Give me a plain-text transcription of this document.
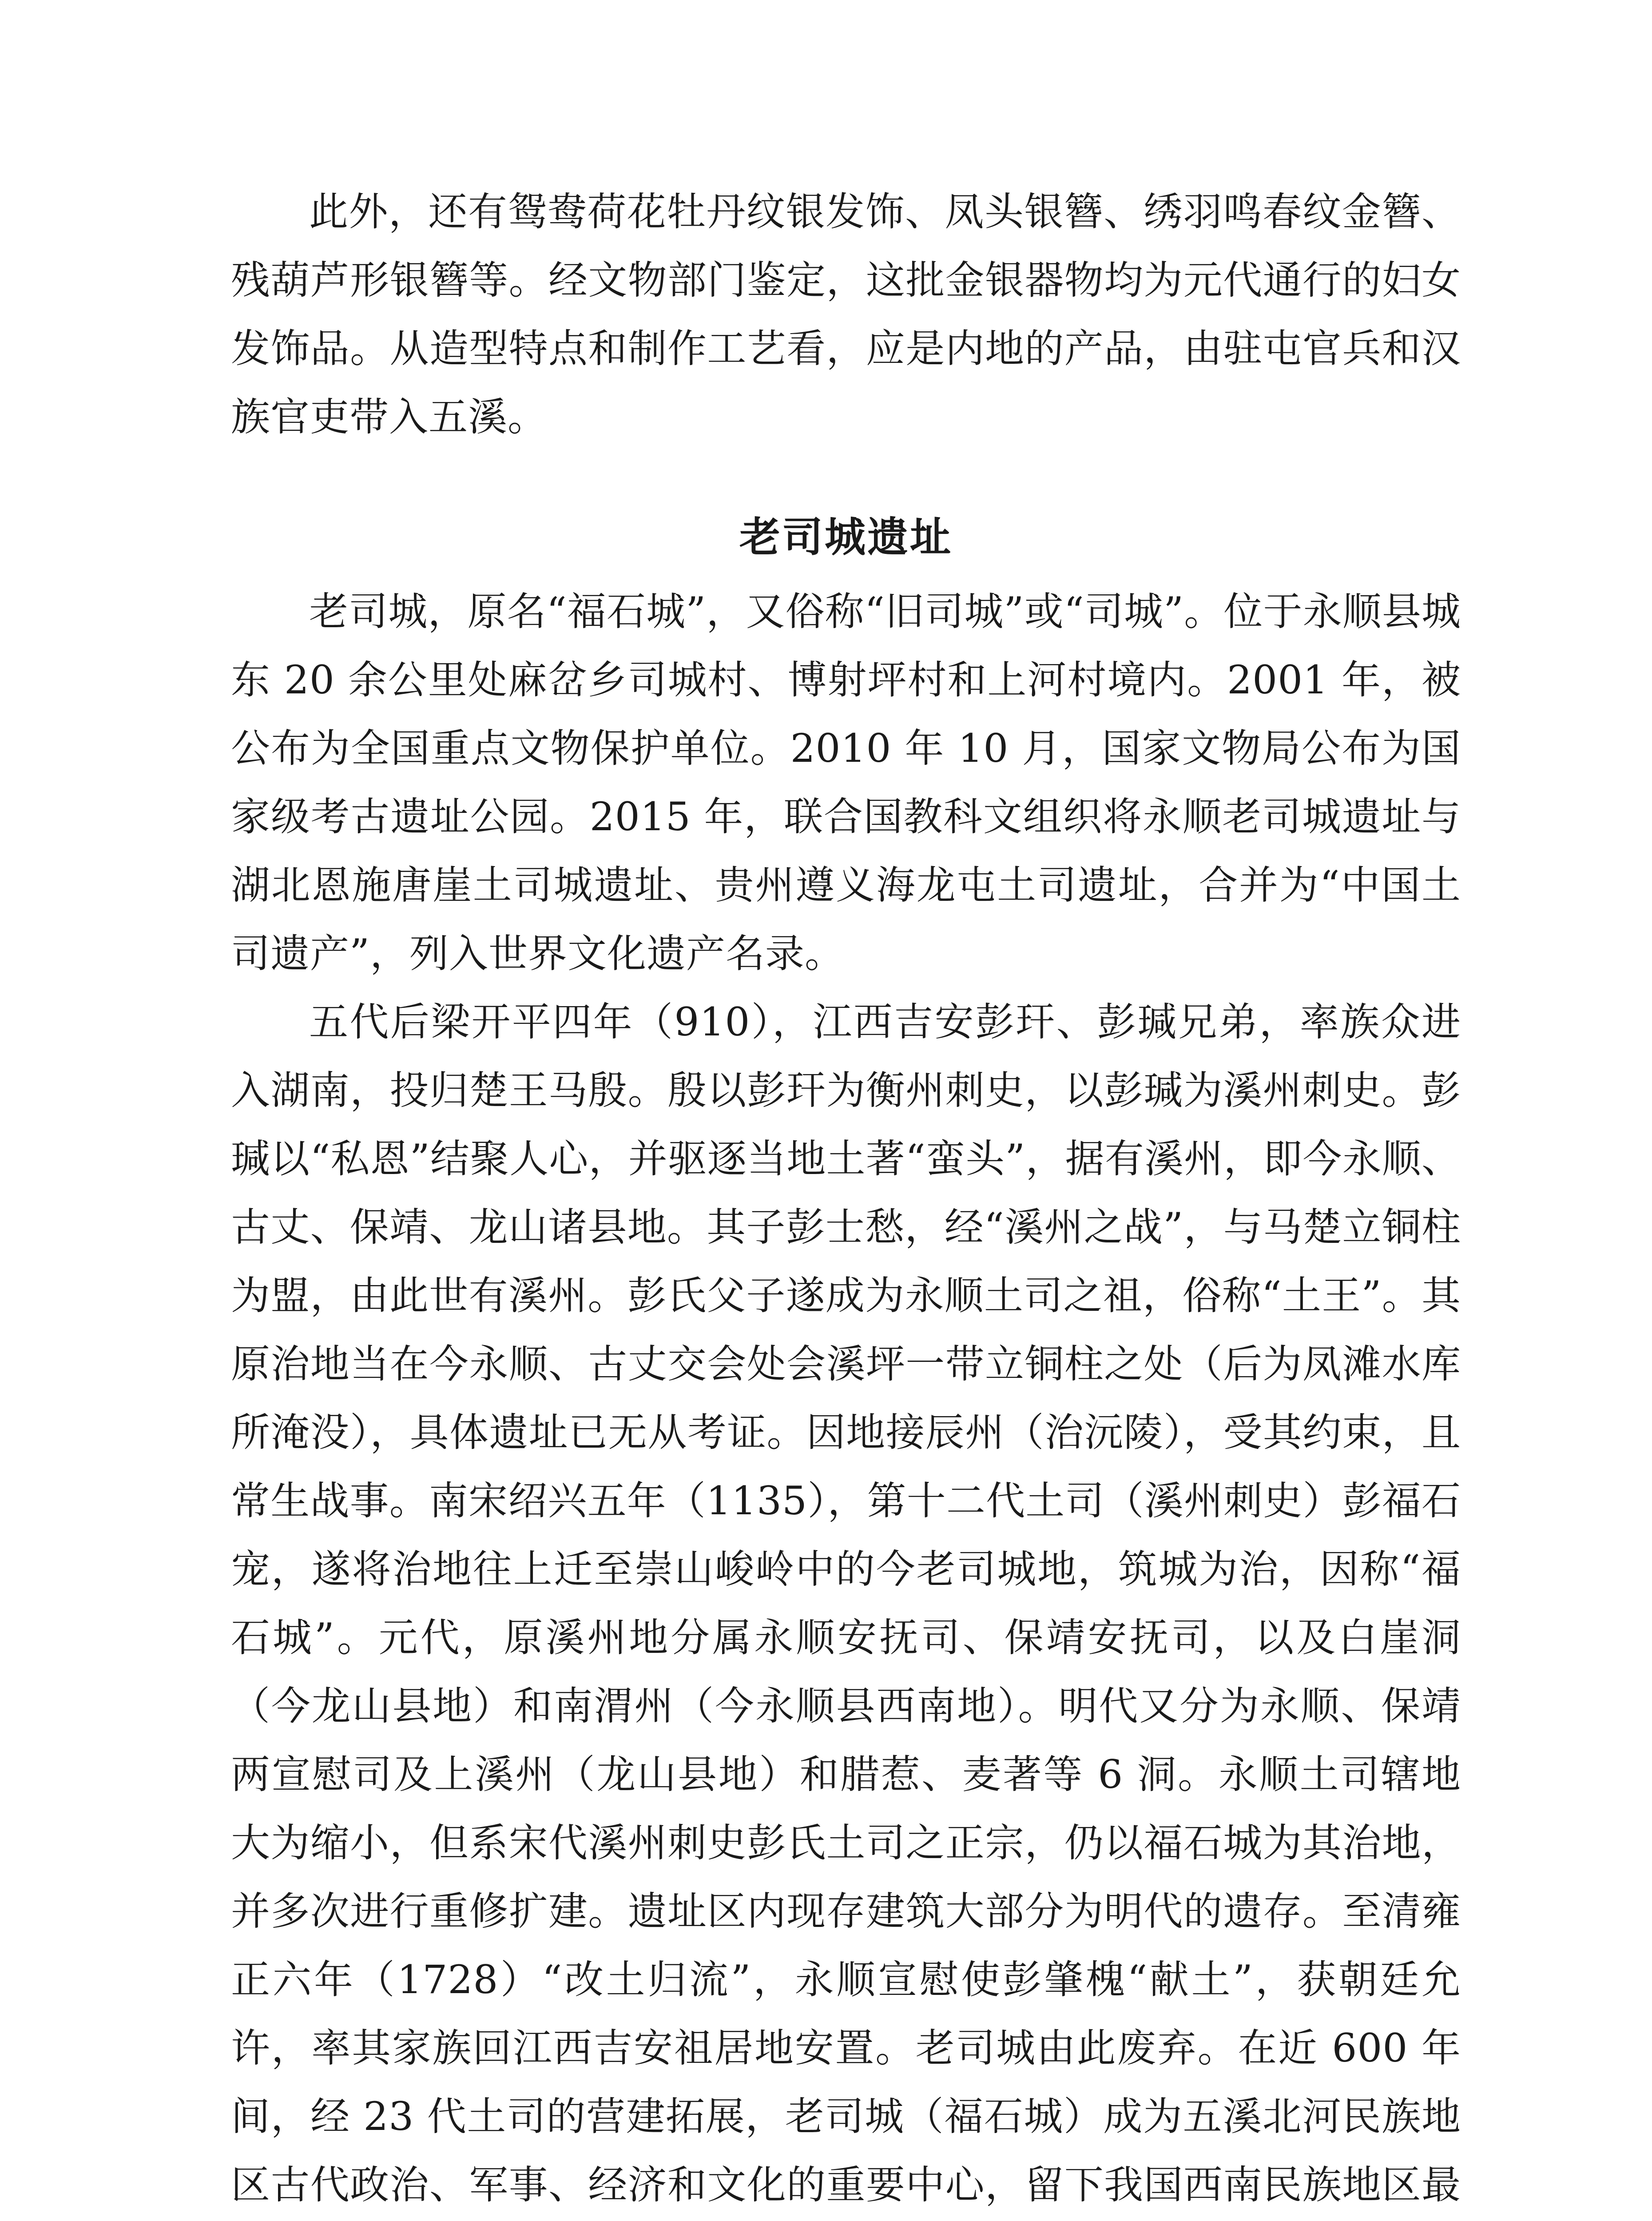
此外，还有鸳鸯荷花牡丹纹银发饰、凤头银簪、绣羽鸣春纹金簪、残葫芦形银簪等。经文物部门鉴定，这批金银器物均为元代通行的妇女发饰品。从造型特点和制作工艺看，应是内地的产品，由驻屯官兵和汉族官吏带入五溪。

老司城遗址

老司城，原名“福石城”，又俗称“旧司城”或“司城”。位于永顺县城东 20 余公里处麻岔乡司城村、博射坪村和上河村境内。2001 年，被公布为全国重点文物保护单位。2010 年 10 月，国家文物局公布为国家级考古遗址公园。2015 年，联合国教科文组织将永顺老司城遗址与湖北恩施唐崖土司城遗址、贵州遵义海龙屯土司遗址，合并为“中国土司遗产”，列入世界文化遗产名录。

五代后梁开平四年（910），江西吉安彭玕、彭瑊兄弟，率族众进入湖南，投归楚王马殷。殷以彭玕为衡州刺史，以彭瑊为溪州刺史。彭瑊以“私恩”结聚人心，并驱逐当地土著“蛮头”，据有溪州，即今永顺、古丈、保靖、龙山诸县地。其子彭士愁，经“溪州之战”，与马楚立铜柱为盟，由此世有溪州。彭氏父子遂成为永顺土司之祖，俗称“土王”。其原治地当在今永顺、古丈交会处会溪坪一带立铜柱之处（后为凤滩水库所淹没），具体遗址已无从考证。因地接辰州（治沅陵），受其约束，且常生战事。南宋绍兴五年（1135），第十二代土司（溪州刺史）彭福石宠，遂将治地往上迁至崇山峻岭中的今老司城地，筑城为治，因称“福石城”。元代，原溪州地分属永顺安抚司、保靖安抚司，以及白崖洞（今龙山县地）和南渭州（今永顺县西南地）。明代又分为永顺、保靖两宣慰司及上溪州（龙山县地）和腊惹、麦著等 6 洞。永顺土司辖地大为缩小，但系宋代溪州刺史彭氏土司之正宗，仍以福石城为其治地，并多次进行重修扩建。遗址区内现存建筑大部分为明代的遗存。至清雍正六年（1728）“改土归流”，永顺宣慰使彭肇槐“献土”，获朝廷允许，率其家族回江西吉安祖居地安置。老司城由此废弃。在近 600 年间，经 23 代土司的营建拓展，老司城（福石城）成为五溪北河民族地区古代政治、军事、经济和文化的重要中心，留下我国西南民族地区最
